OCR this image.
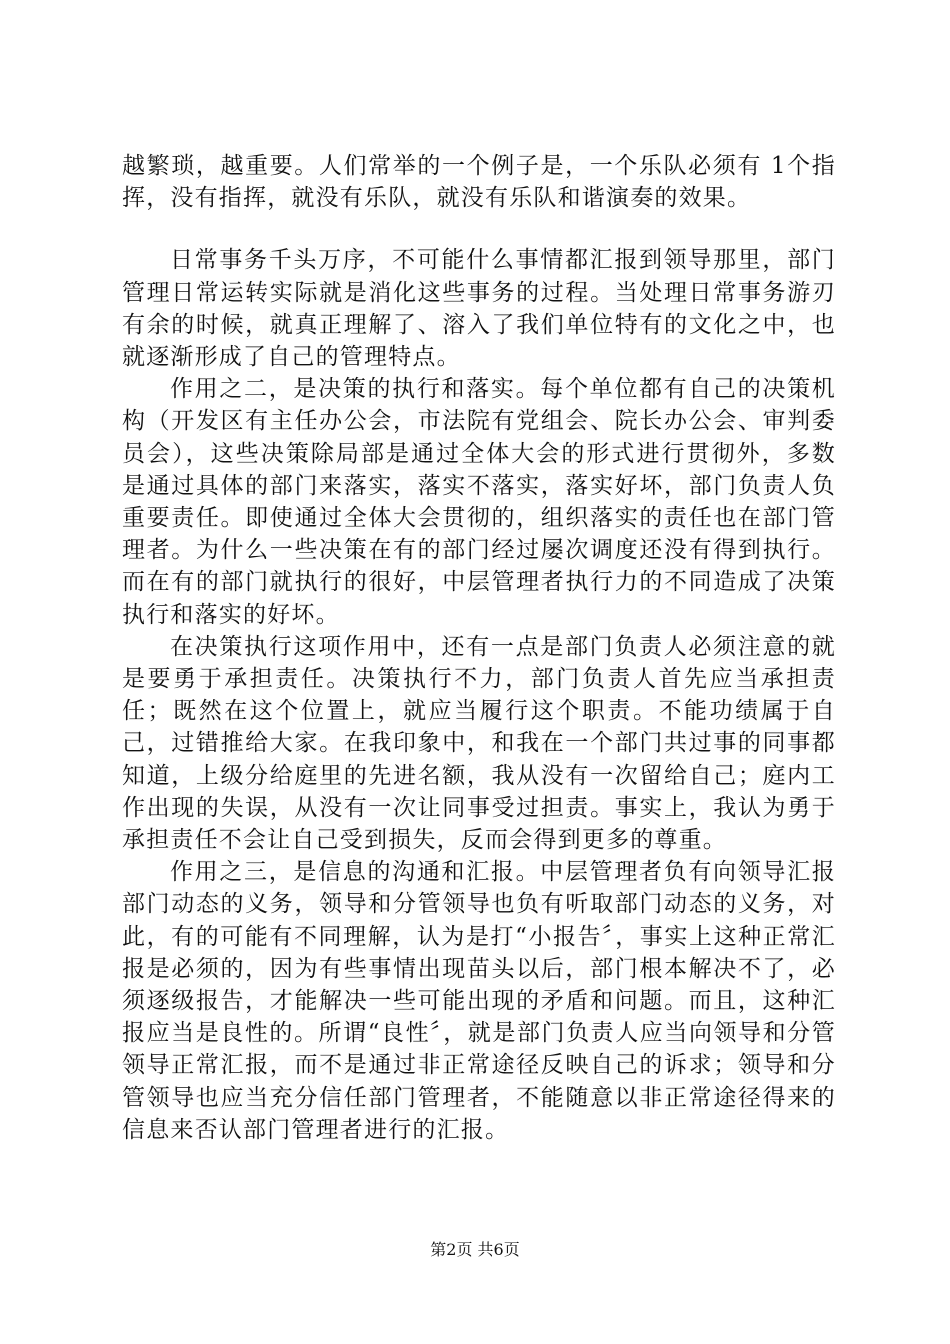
越繁琐，越重要。人们常举的一个例子是，一个乐队必须有 1个指挥，没有指挥，就没有乐队，就没有乐队和谐演奏的效果。

日常事务千头万序，不可能什么事情都汇报到领导那里，部门管理日常运转实际就是消化这些事务的过程。当处理日常事务游刃有余的时候，就真正理解了、溶入了我们单位特有的文化之中，也就逐渐形成了自己的管理特点。

作用之二，是决策的执行和落实。每个单位都有自己的决策机构（开发区有主任办公会，市法院有党组会、院长办公会、审判委员会），这些决策除局部是通过全体大会的形式进行贯彻外，多数是通过具体的部门来落实，落实不落实，落实好坏，部门负责人负重要责任。即使通过全体大会贯彻的，组织落实的责任也在部门管理者。为什么一些决策在有的部门经过屡次调度还没有得到执行。而在有的部门就执行的很好，中层管理者执行力的不同造成了决策执行和落实的好坏。

在决策执行这项作用中，还有一点是部门负责人必须注意的就是要勇于承担责任。决策执行不力，部门负责人首先应当承担责任；既然在这个位置上，就应当履行这个职责。不能功绩属于自己，过错推给大家。在我印象中，和我在一个部门共过事的同事都知道，上级分给庭里的先进名额，我从没有一次留给自己；庭内工作出现的失误，从没有一次让同事受过担责。事实上，我认为勇于承担责任不会让自己受到损失，反而会得到更多的尊重。

作用之三，是信息的沟通和汇报。中层管理者负有向领导汇报部门动态的义务，领导和分管领导也负有听取部门动态的义务，对此，有的可能有不同理解，认为是打“小报告〞，事实上这种正常汇报是必须的，因为有些事情出现苗头以后，部门根本解决不了，必须逐级报告，才能解决一些可能出现的矛盾和问题。而且，这种汇报应当是良性的。所谓“良性〞，就是部门负责人应当向领导和分管领导正常汇报，而不是通过非正常途径反映自己的诉求；领导和分管领导也应当充分信任部门管理者，不能随意以非正常途径得来的信息来否认部门管理者进行的汇报。

第2页 共6页
